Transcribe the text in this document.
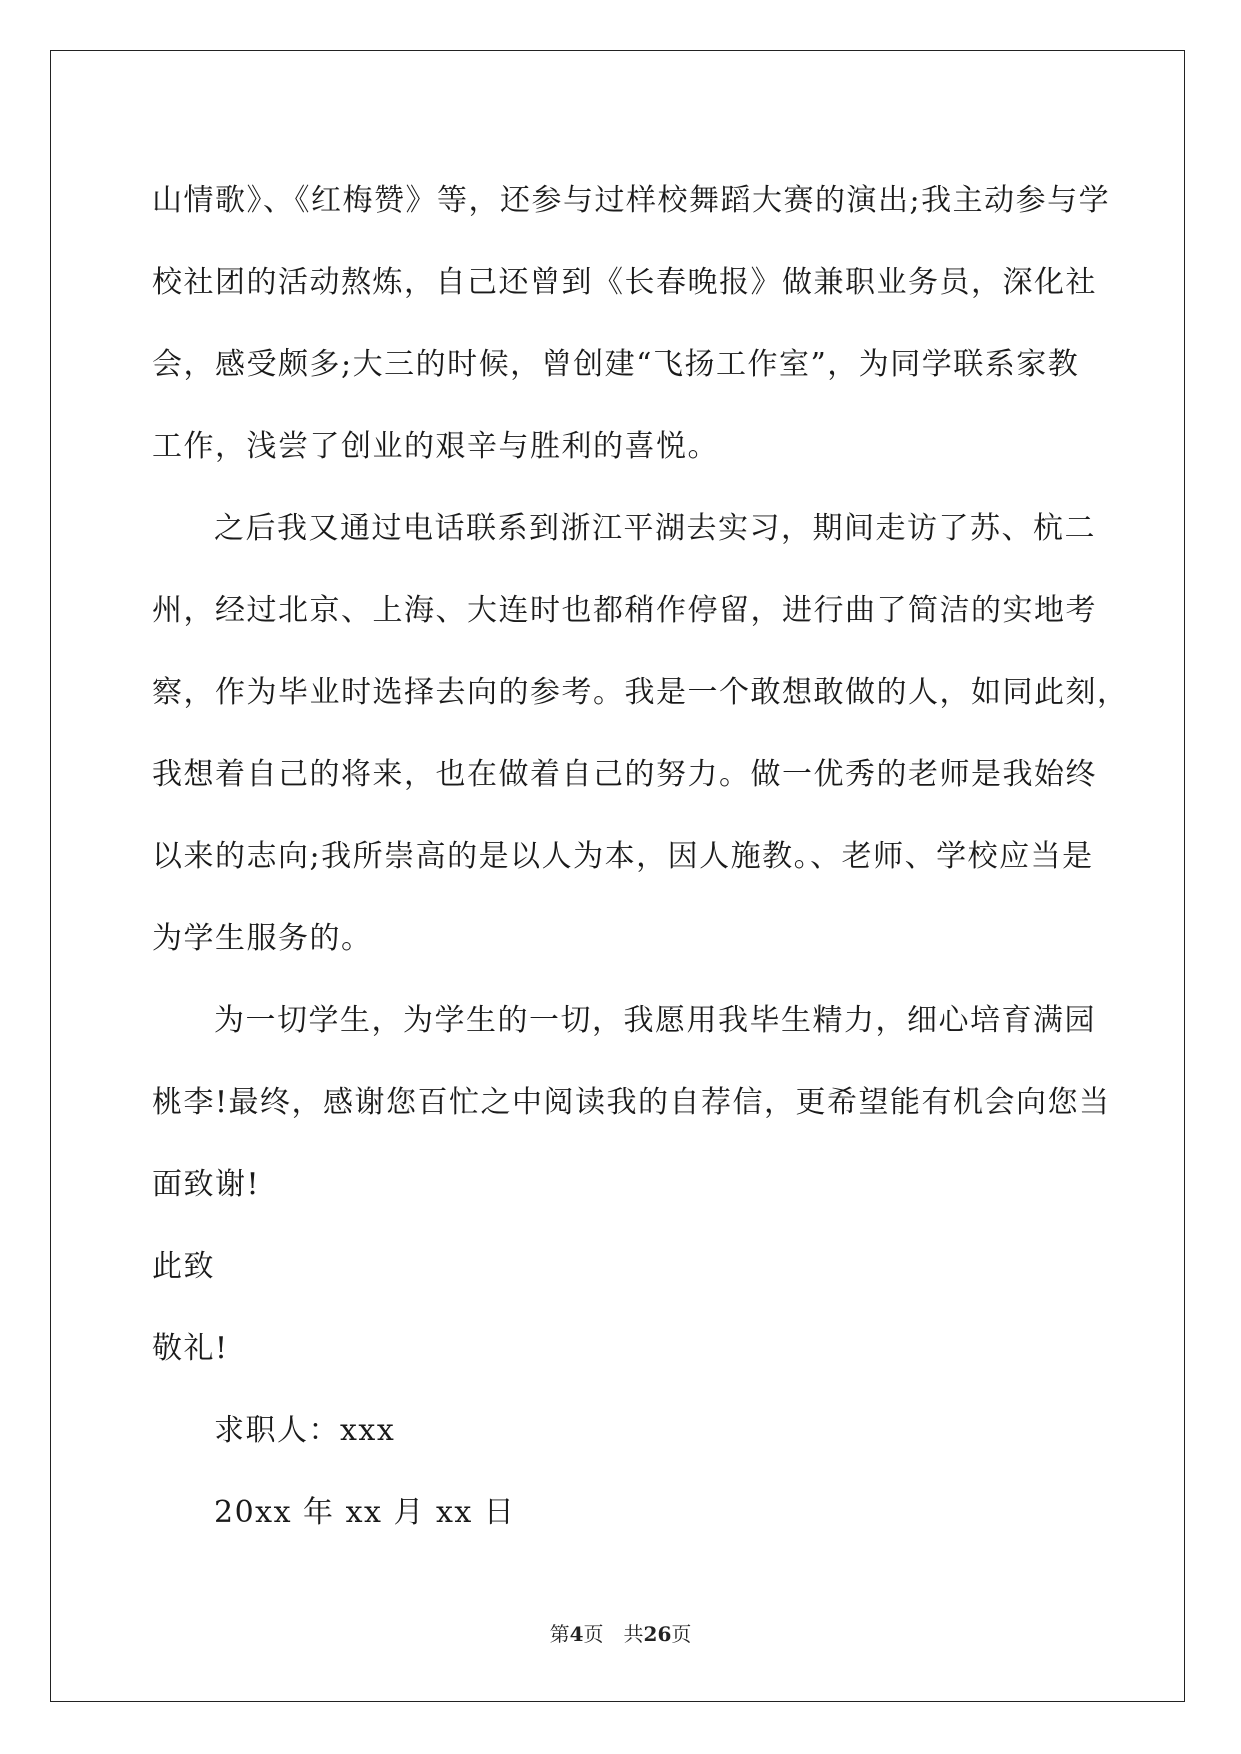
山情歌》、《红梅赞》等，还参与过样校舞蹈大赛的演出;我主动参与学
校社团的活动熬炼，自己还曾到《长春晚报》做兼职业务员，深化社
会，感受颇多;大三的时候，曾创建“飞扬工作室”，为同学联系家教
工作，浅尝了创业的艰辛与胜利的喜悦。

之后我又通过电话联系到浙江平湖去实习，期间走访了苏、杭二
州，经过北京、上海、大连时也都稍作停留，进行曲了简洁的实地考
察，作为毕业时选择去向的参考。我是一个敢想敢做的人，如同此刻，
我想着自己的将来，也在做着自己的努力。做一优秀的老师是我始终
以来的志向;我所崇高的是以人为本，因人施教。、老师、学校应当是
为学生服务的。

为一切学生，为学生的一切，我愿用我毕生精力，细心培育满园
桃李!最终，感谢您百忙之中阅读我的自荐信，更希望能有机会向您当
面致谢!

此致
敬礼!

求职人：xxx
20xx 年 xx 月 xx 日

第4页 共26页
